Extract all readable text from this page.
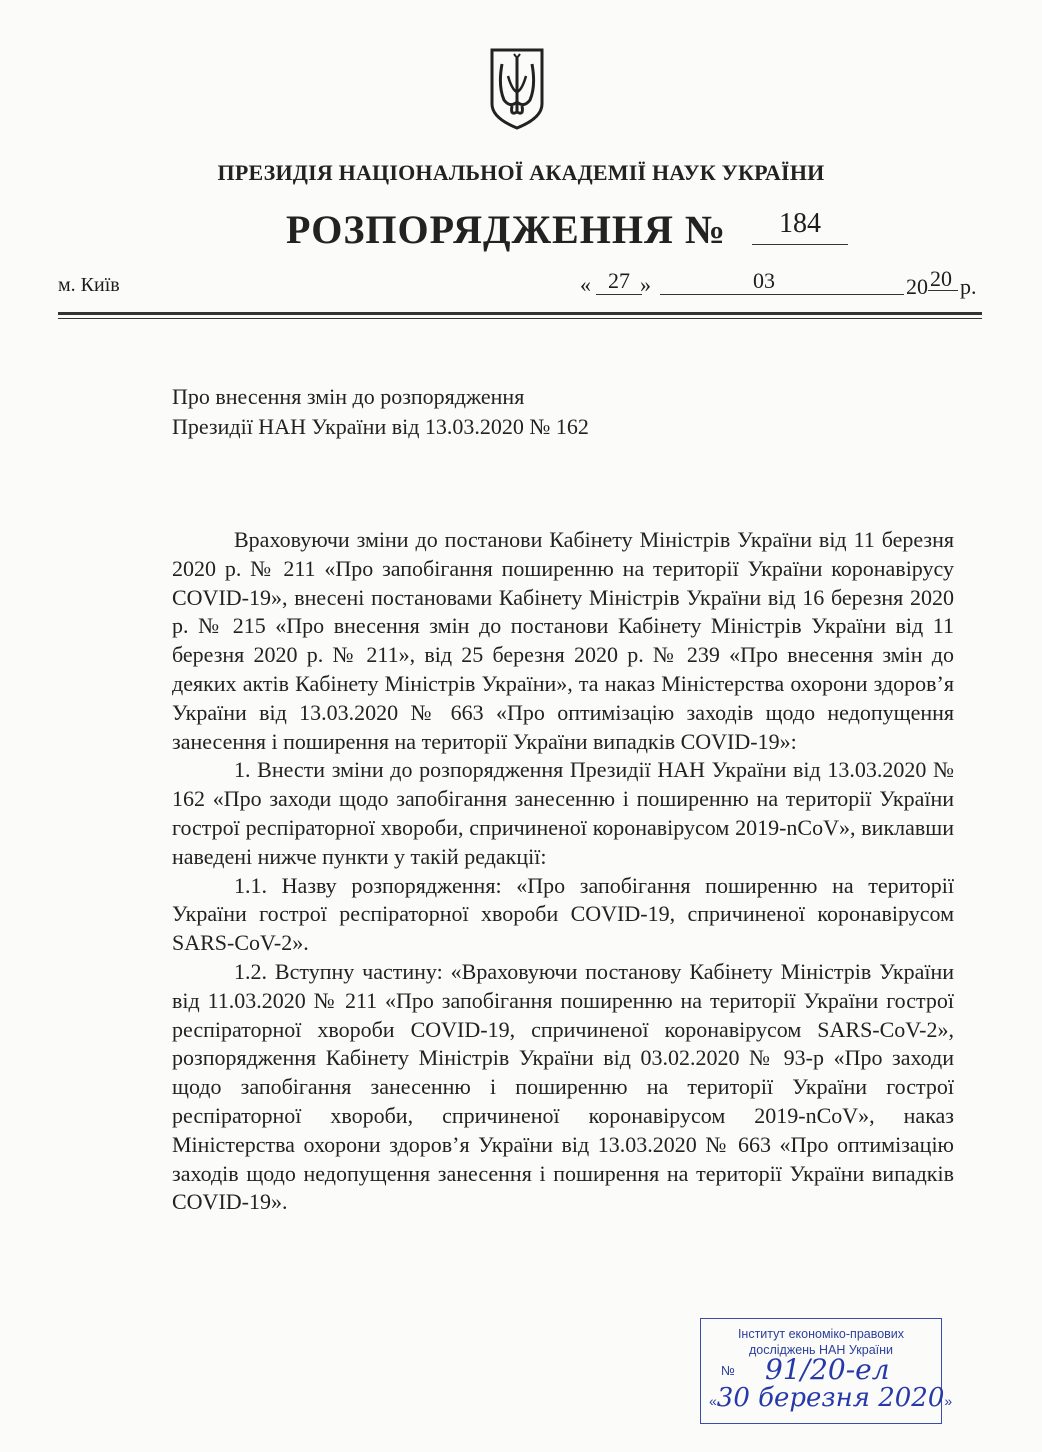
ПРЕЗИДІЯ НАЦІОНАЛЬНОЇ АКАДЕМІЇ НАУК УКРАЇНИ
РОЗПОРЯДЖЕННЯ №	184
м. Київ	« 27 »	03	20 20 р.
Про внесення змін до розпорядження
Президії НАН України від 13.03.2020 № 162

Враховуючи зміни до постанови Кабінету Міністрів України від 11 березня 2020 р. № 211 «Про запобігання поширенню на території України коронавірусу COVID-19», внесені постановами Кабінету Міністрів України від 16 березня 2020 р. № 215 «Про внесення змін до постанови Кабінету Міністрів України від 11 березня 2020 р. № 211», від 25 березня 2020 р. № 239 «Про внесення змін до деяких актів Кабінету Міністрів України», та наказ Міністерства охорони здоров’я України від 13.03.2020 № 663 «Про оптимізацію заходів щодо недопущення занесення і поширення на території України випадків COVID-19»:

1. Внести зміни до розпорядження Президії НАН України від 13.03.2020 № 162 «Про заходи щодо запобігання занесенню і поширенню на території України гострої респіраторної хвороби, спричиненої коронавірусом 2019-nCoV», виклавши наведені нижче пункти у такій редакції:

1.1. Назву розпорядження: «Про запобігання поширенню на території України гострої респіраторної хвороби COVID-19, спричиненої коронавірусом SARS-CoV-2».

1.2. Вступну частину: «Враховуючи постанову Кабінету Міністрів України від 11.03.2020 № 211 «Про запобігання поширенню на території України гострої респіраторної хвороби COVID-19, спричиненої коронавірусом SARS-CoV-2», розпорядження Кабінету Міністрів України від 03.02.2020 № 93-р «Про заходи щодо запобігання занесенню і поширенню на території України гострої респіраторної хвороби, спричиненої коронавірусом 2019-nCoV», наказ Міністерства охорони здоров’я України від 13.03.2020 № 663 «Про оптимізацію заходів щодо недопущення занесення і поширення на території України випадків COVID-19».

Інститут економіко-правових
досліджень НАН України
№ 91/20-ел
«30 березня 2020»
